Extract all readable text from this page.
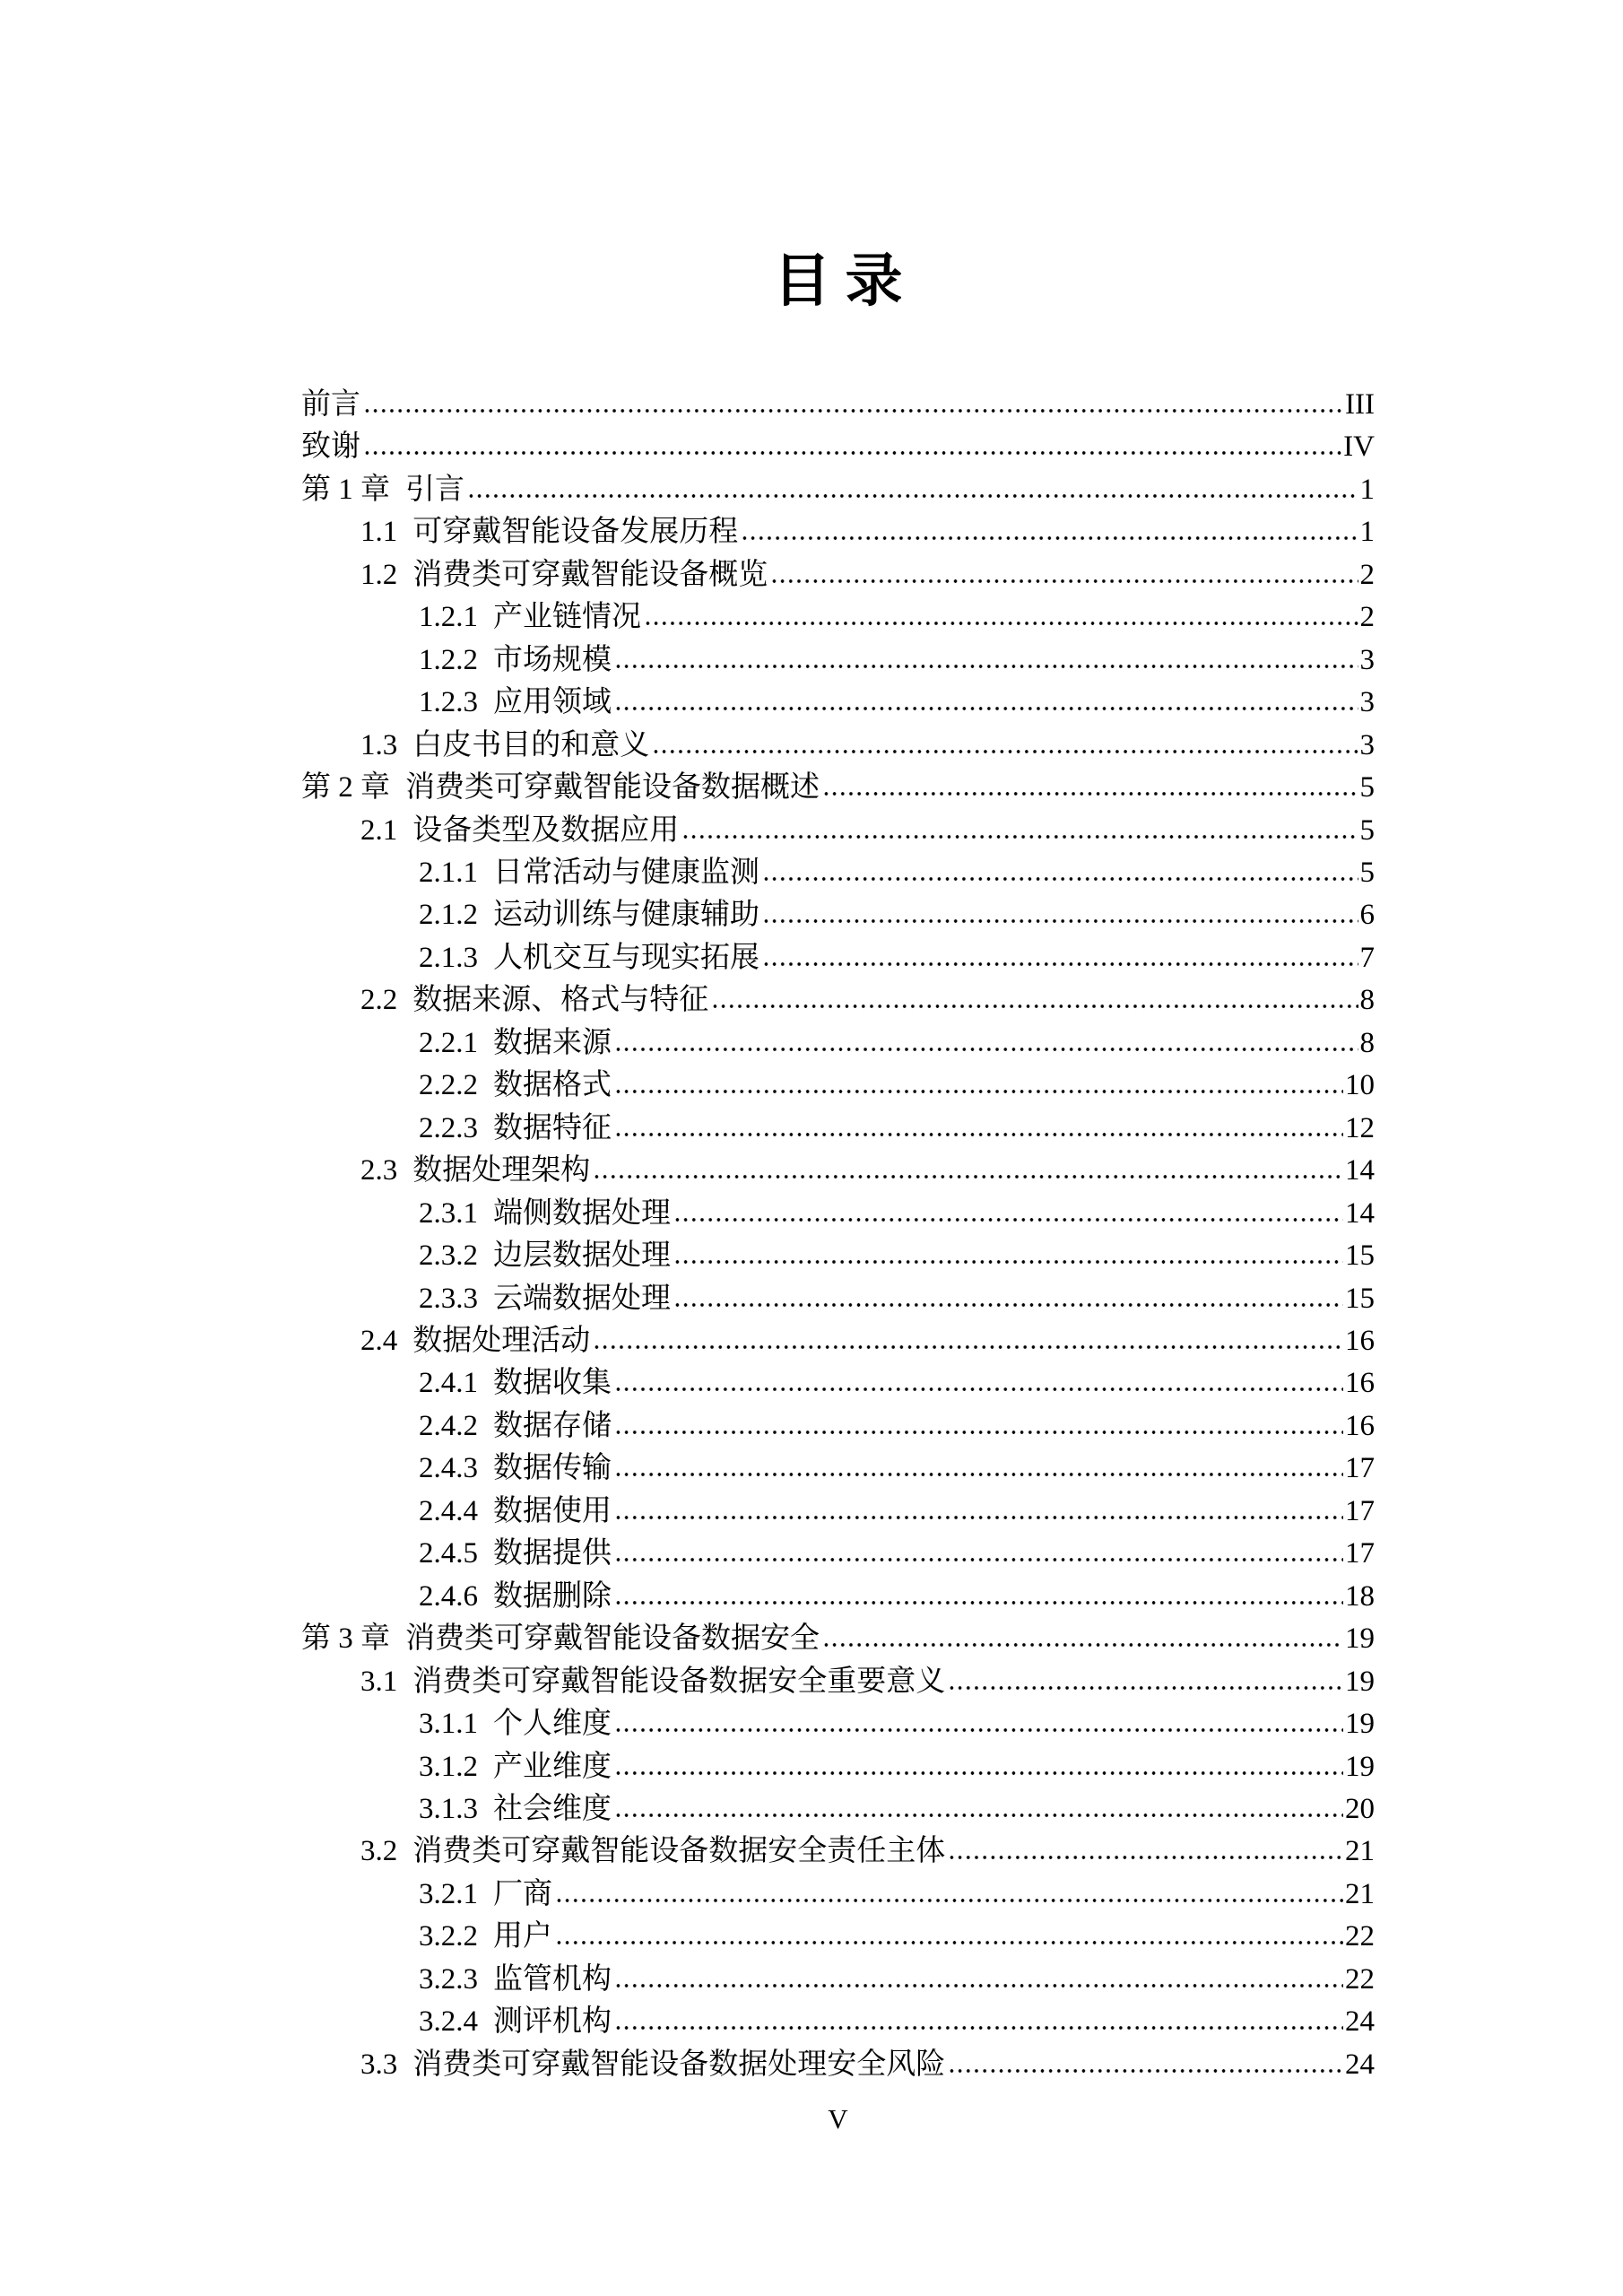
目录
前言	III
致谢	IV
第 1 章 引言	1
1.1 可穿戴智能设备发展历程	1
1.2 消费类可穿戴智能设备概览	2
1.2.1 产业链情况	2
1.2.2 市场规模	3
1.2.3 应用领域	3
1.3 白皮书目的和意义	3
第 2 章 消费类可穿戴智能设备数据概述	5
2.1 设备类型及数据应用	5
2.1.1 日常活动与健康监测	5
2.1.2 运动训练与健康辅助	6
2.1.3 人机交互与现实拓展	7
2.2 数据来源、格式与特征	8
2.2.1 数据来源	8
2.2.2 数据格式	10
2.2.3 数据特征	12
2.3 数据处理架构	14
2.3.1 端侧数据处理	14
2.3.2 边层数据处理	15
2.3.3 云端数据处理	15
2.4 数据处理活动	16
2.4.1 数据收集	16
2.4.2 数据存储	16
2.4.3 数据传输	17
2.4.4 数据使用	17
2.4.5 数据提供	17
2.4.6 数据删除	18
第 3 章 消费类可穿戴智能设备数据安全	19
3.1 消费类可穿戴智能设备数据安全重要意义	19
3.1.1 个人维度	19
3.1.2 产业维度	19
3.1.3 社会维度	20
3.2 消费类可穿戴智能设备数据安全责任主体	21
3.2.1 厂商	21
3.2.2 用户	22
3.2.3 监管机构	22
3.2.4 测评机构	24
3.3 消费类可穿戴智能设备数据处理安全风险	24
V
